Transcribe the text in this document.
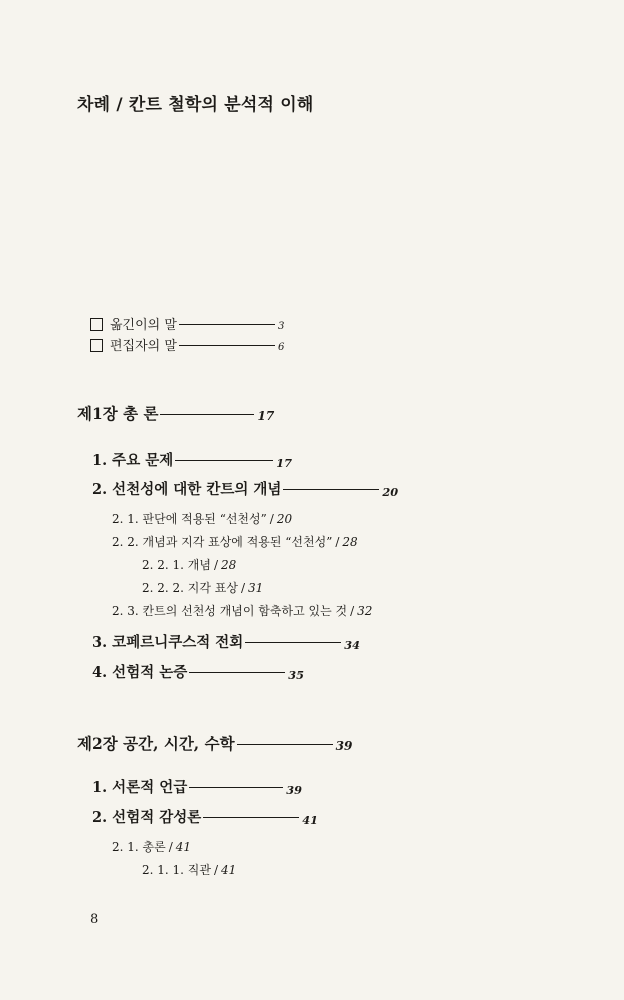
차례 / 칸트 철학의 분석적 이해
옮긴이의 말	3
편집자의 말	6
제1장 총 론	17
1. 주요 문제	17
2. 선천성에 대한 칸트의 개념	20
2. 1. 판단에 적용된 “선천성” / 20
2. 2. 개념과 지각 표상에 적용된 “선천성” / 28
2. 2. 1. 개념 / 28
2. 2. 2. 지각 표상 / 31
2. 3. 칸트의 선천성 개념이 함축하고 있는 것 / 32
3. 코페르니쿠스적 전회	34
4. 선험적 논증	35
제2장 공간, 시간, 수학	39
1. 서론적 언급	39
2. 선험적 감성론	41
2. 1. 총론 / 41
2. 1. 1. 직관 / 41
8
